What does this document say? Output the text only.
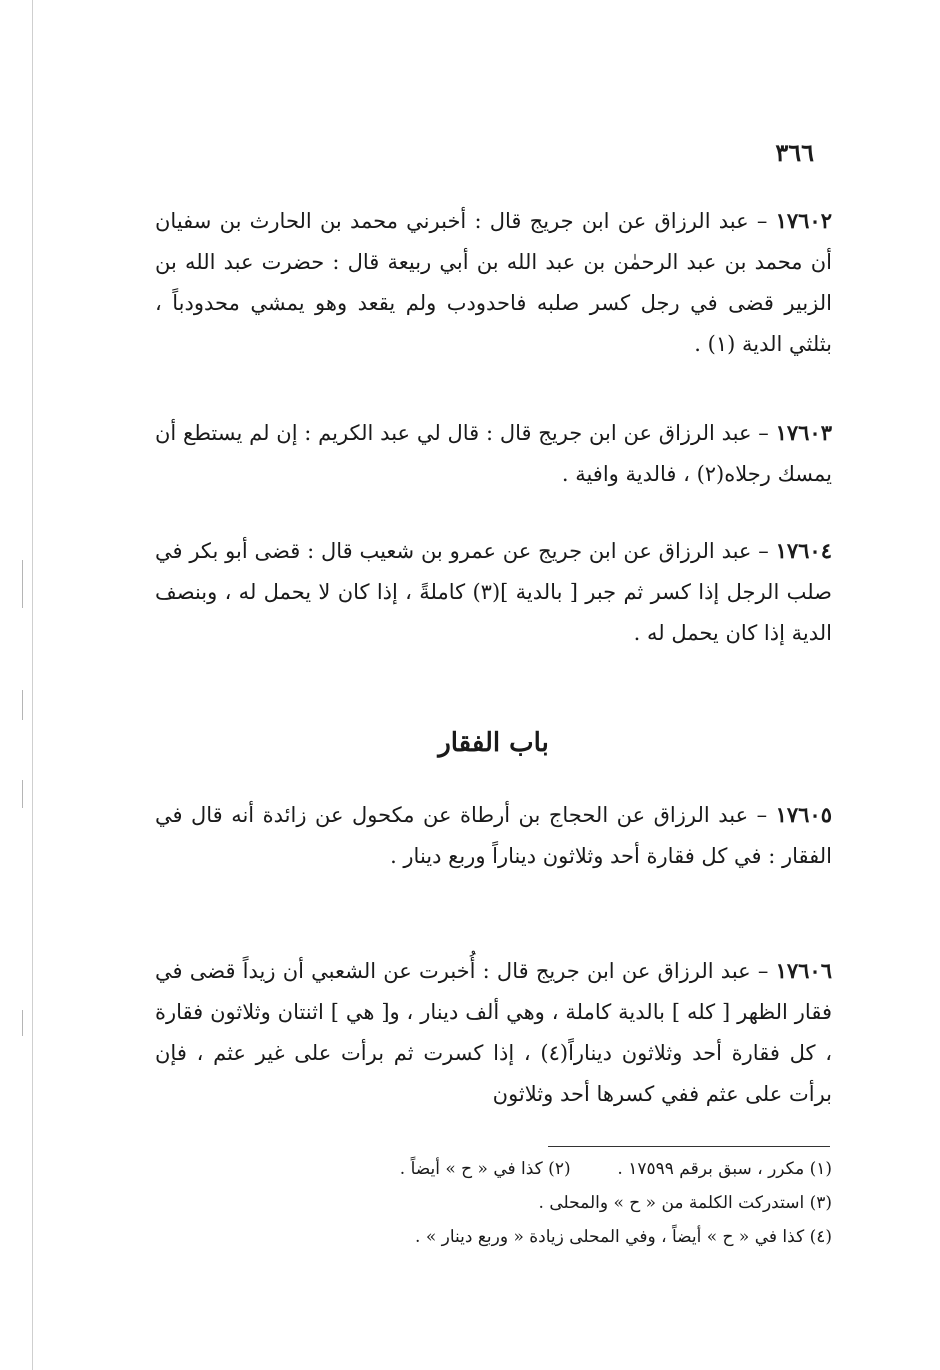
٣٦٦
١٧٦٠٢ – عبد الرزاق عن ابن جريج قال : أخبرني محمد بن الحارث بن سفيان أن محمد بن عبد الرحمٰن بن عبد الله بن أبي ربيعة قال : حضرت عبد الله بن الزبير قضى في رجل كسر صلبه فاحدودب ولم يقعد وهو يمشي محدودباً ، بثلثي الدية (١) .
١٧٦٠٣ – عبد الرزاق عن ابن جريج قال : قال لي عبد الكريم : إن لم يستطع أن يمسك رجلاه(٢) ، فالدية وافية .
١٧٦٠٤ – عبد الرزاق عن ابن جريج عن عمرو بن شعيب قال : قضى أبو بكر في صلب الرجل إذا كسر ثم جبر [ بالدية ](٣) كاملةً ، إذا كان لا يحمل له ، وبنصف الدية إذا كان يحمل له .
باب الفقار
١٧٦٠٥ – عبد الرزاق عن الحجاج بن أرطاة عن مكحول عن زائدة أنه قال في الفقار : في كل فقارة أحد وثلاثون ديناراً وربع دينار .
١٧٦٠٦ – عبد الرزاق عن ابن جريج قال : أُخبرت عن الشعبي أن زيداً قضى في فقار الظهر [ كله ] بالدية كاملة ، وهي ألف دينار ، و[ هي ] اثنتان وثلاثون فقارة ، كل فقارة أحد وثلاثون ديناراً(٤) ، إذا كسرت ثم برأت على غير عثم ، فإن برأت على عثم ففي كسرها أحد وثلاثون
(١) مكرر ، سبق برقم ١٧٥٩٩ .  (٢) كذا في « ح » أيضاً .
(٣) استدركت الكلمة من « ح » والمحلى .
(٤) كذا في « ح » أيضاً ، وفي المحلى زيادة « وربع دينار » .
